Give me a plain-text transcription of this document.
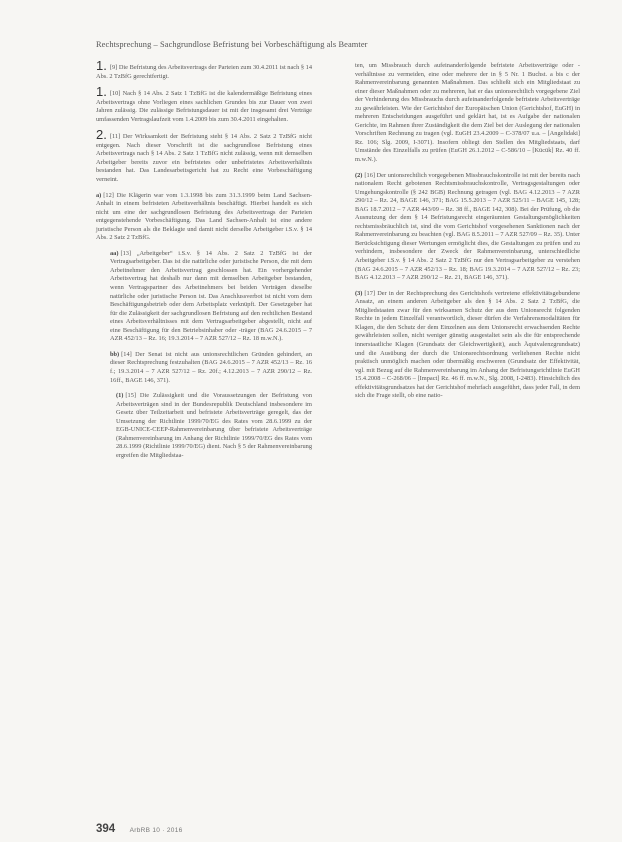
Rechtsprechung – Sachgrundlose Befristung bei Vorbeschäftigung als Beamter
1. [9] Die Befristung des Arbeitsvertrags der Parteien zum 30.4.2011 ist nach § 14 Abs. 2 TzBfG gerechtfertigt.
1. [10] Nach § 14 Abs. 2 Satz 1 TzBfG ist die kalendermäßige Befristung eines Arbeitsvertrags ohne Vorliegen eines sachlichen Grundes bis zur Dauer von zwei Jahren zulässig. Die zulässige Befristungsdauer ist mit der insgesamt drei Verträge umfassenden Vertragslaufzeit vom 1.4.2009 bis zum 30.4.2011 eingehalten.
2. [11] Der Wirksamkeit der Befristung steht § 14 Abs. 2 Satz 2 TzBfG nicht entgegen. Nach dieser Vorschrift ist die sachgrundlose Befristung eines Arbeitsvertrags nach § 14 Abs. 2 Satz 1 TzBfG nicht zulässig, wenn mit demselben Arbeitgeber bereits zuvor ein befristetes oder unbefristetes Arbeitsverhältnis bestanden hat. Das Landesarbeitsgericht hat zu Recht eine Vorbeschäftigung verneint.
a) [12] Die Klägerin war vom 1.3.1998 bis zum 31.3.1999 beim Land Sachsen-Anhalt in einem befristeten Arbeitsverhältnis beschäftigt. Hierbei handelt es sich nicht um eine der sachgrundlosen Befristung des Arbeitsvertrags der Parteien entgegenstehende Vorbeschäftigung. Das Land Sachsen-Anhalt ist eine andere juristische Person als die Beklagte und damit nicht derselbe Arbeitgeber i.S.v. § 14 Abs. 2 Satz 2 TzBfG.
aa) [13] „Arbeitgeber“ i.S.v. § 14 Abs. 2 Satz 2 TzBfG ist der Vertragsarbeitgeber. Das ist die natürliche oder juristische Person, die mit dem Arbeitnehmer den Arbeitsvertrag geschlossen hat. Ein vorhergehender Arbeitsvertrag hat deshalb nur dann mit demselben Arbeitgeber bestanden, wenn Vertragspartner des Arbeitnehmers bei beiden Verträgen dieselbe natürliche oder juristische Person ist. Das Anschlussverbot ist nicht vom dem Beschäftigungsbetrieb oder dem Arbeitsplatz verknüpft. Der Gesetzgeber hat für die Zulässigkeit der sachgrundlosen Befristung auf den rechtlichen Bestand eines Arbeitsverhältnisses mit dem Vertragsarbeitgeber abgestellt, nicht auf eine Beschäftigung für den Betriebsinhaber oder -träger (BAG 24.6.2015 – 7 AZR 452/13 – Rz. 16; 19.3.2014 – 7 AZR 527/12 – Rz. 18 m.w.N.).
bb) [14] Der Senat ist nicht aus unionsrechtlichen Gründen gehindert, an dieser Rechtsprechung festzuhalten (BAG 24.6.2015 – 7 AZR 452/13 – Rz. 16 f.; 19.3.2014 – 7 AZR 527/12 – Rz. 20f.; 4.12.2013 – 7 AZR 290/12 – Rz. 16ff., BAGE 146, 371).
(1) [15] Die Zulässigkeit und die Voraussetzungen der Befristung von Arbeitsverträgen sind in der Bundesrepublik Deutschland insbesondere im Gesetz über Teilzeitarbeit und befristete Arbeitsverträge geregelt, das der Umsetzung der Richtlinie 1999/70/EG des Rates vom 28.6.1999 zu der EGB-UNICE-CEEP-Rahmenvereinbarung über befristete Arbeitsverträge (Rahmenvereinbarung im Anhang der Richtlinie 1999/70/EG des Rates vom 28.6.1999 (Richtlinie 1999/70/EG) dient. Nach § 5 der Rahmenvereinbarung ergreifen die Mitgliedstaa-
ten, um Missbrauch durch aufeinanderfolgende befristete Arbeitsverträge oder -verhältnisse zu vermeiden, eine oder mehrere der in § 5 Nr. 1 Buchst. a bis c der Rahmenvereinbarung genannten Maßnahmen. Das schließt sich ein Mitgliedstaat zu einer dieser Maßnahmen oder zu mehreren, hat er das unionsrechtlich vorgegebene Ziel der Verhinderung des Missbrauchs durch aufeinanderfolgende befristete Arbeitsverträge zu gewährleisten. Wie der Gerichtshof der Europäischen Union (Gerichtshof, EuGH) in mehreren Entscheidungen ausgeführt und geklärt hat, ist es Aufgabe der nationalen Gerichte, im Rahmen ihrer Zuständigkeit die dem Ziel bei der Auslegung der nationalen Vorschriften Rechnung zu tragen (vgl. EuGH 23.4.2009 – C-378/07 u.a. – [Angelidaki] Rz. 106; Slg. 2009, I-3071). Insofern obliegt den Stellen des Mitgliedstaats, darf Umstände des Einzelfalls zu prüfen (EuGH 26.1.2012 – C-586/10 – [Kücük] Rz. 40 ff. m.w.N.).
(2) [16] Der unionsrechtlich vorgegebenen Missbrauchskontrolle ist mit der bereits nach nationalem Recht gebotenen Rechtsmissbrauchskontrolle, Vertragsgestaltungen oder Umgehungskontrolle (§ 242 BGB) Rechnung getragen (vgl. BAG 4.12.2013 – 7 AZR 290/12 – Rz. 24, BAGE 146, 371; BAG 15.5.2013 – 7 AZR 525/11 – BAGE 145, 128; BAG 18.7.2012 – 7 AZR 443/09 – Rz. 38 ff., BAGE 142, 308). Bei der Prüfung, ob die Ausnutzung der dem § 14 Befristungsrecht eingeräumten Gestaltungsmöglichkeiten rechtsmissbräuchlich ist, sind die vom Gerichtshof vorgesehenen Sanktionen nach der Rahmenvereinbarung zu beachten (vgl. BAG 8.5.2011 – 7 AZR 527/09 – Rz. 35). Unter Berücksichtigung dieser Wertungen ermöglicht dies, die Gestaltungen zu prüfen und zu verhindern, insbesondere der Zweck der Rahmenvereinbarung, unterschiedliche Arbeitgeber i.S.v. § 14 Abs. 2 Satz 2 TzBfG nur den Vertragsarbeitgeber zu verstehen (BAG 24.6.2015 – 7 AZR 452/13 – Rz. 18; BAG 19.3.2014 – 7 AZR 527/12 – Rz. 23; BAG 4.12.2013 – 7 AZR 290/12 – Rz. 21, BAGE 146, 371).
(3) [17] Der in der Rechtsprechung des Gerichtshofs vertretene effektivitätsgebundene Ansatz, an einem anderen Arbeitgeber als den § 14 Abs. 2 Satz 2 TzBfG, die Mitgliedstaaten zwar für den wirksamen Schutz der aus dem Unionsrecht folgenden Rechte in jedem Einzelfall verantwortlich, dieser dürfen die Verfahrensmodalitäten für Klagen, die den Schutz der dem Einzelnen aus dem Unionsrecht erwachsenden Rechte gewährleisten sollen, nicht weniger günstig ausgestaltet sein als die für entsprechende innerstaatliche Klagen (Grundsatz der Gleichwertigkeit), auch Äquivalenzgrundsatz) und die Ausübung der durch die Unionsrechtsordnung verliehenen Rechte nicht praktisch unmöglich machen oder übermäßig erschweren (Grundsatz der Effektivität, vgl. mit Bezug auf die Rahmenvereinbarung im Anhang der Befristungsrichtlinie EuGH 15.4.2008 – C-268/06 – [Impact] Rz. 46 ff. m.w.N., Slg. 2008, I-2483). Hinsichtlich des effektivitätsgrundsatzes hat der Gerichtshof mehrfach ausgeführt, dass jeder Fall, in dem sich die Frage stellt, ob eine natio-
394 ArbRB 10 · 2016
